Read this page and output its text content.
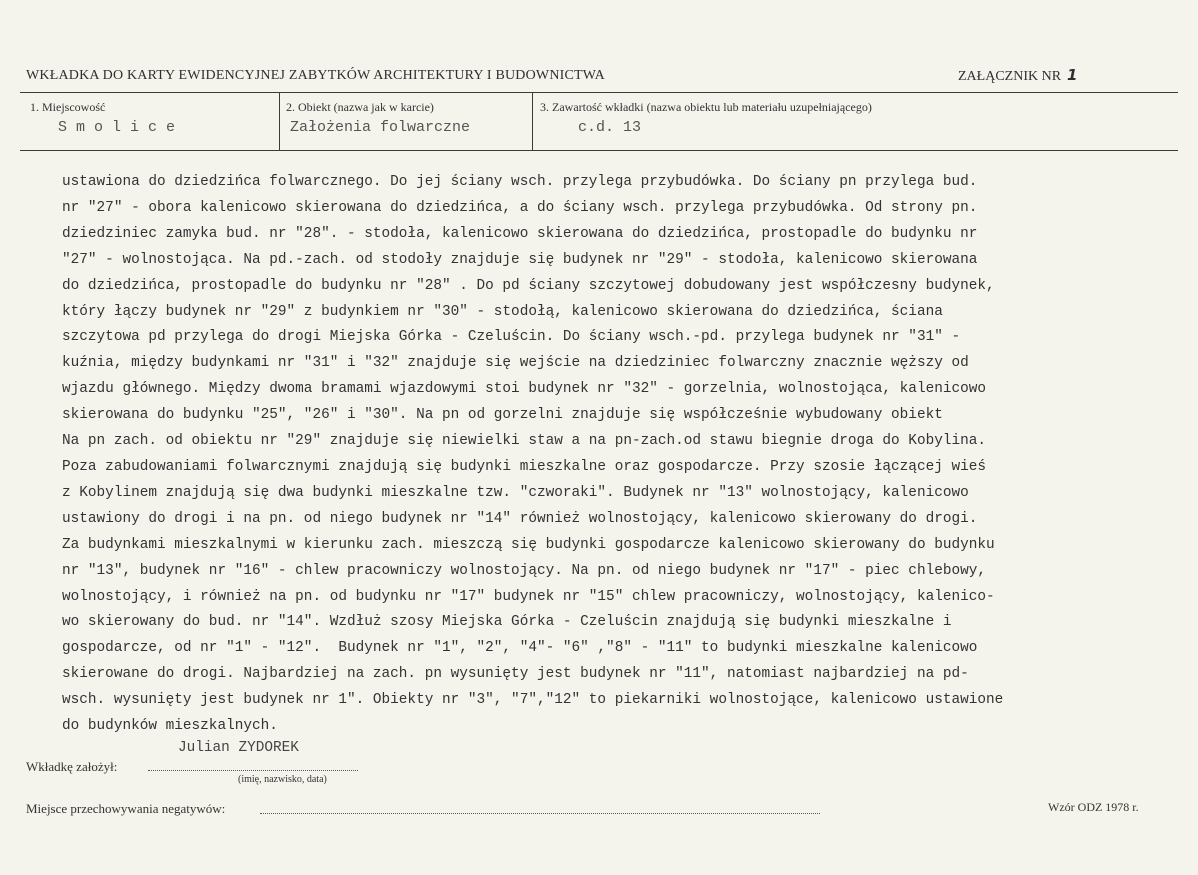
WKŁADKA DO KARTY EWIDENCYJNEJ ZABYTKÓW ARCHITEKTURY I BUDOWNICTWA	ZAŁĄCZNIK NR 1
1. Miejscowość
S m o l i c e
2. Obiekt (nazwa jak w karcie)
Założenia folwarczne
3. Zawartość wkładki (nazwa obiektu lub materiału uzupełniającego)
c.d. 13
ustawiona do dziedzińca folwarcznego. Do jej ściany wsch. przylega przybudówka. Do ściany pn przylega bud.
nr "27" - obora kalenicowo skierowana do dziedzińca, a do ściany wsch. przylega przybudówka. Od strony pn.
dziedziniec zamyka bud. nr "28". - stodoła, kalenicowo skierowana do dziedzińca, prostopadle do budynku nr
"27" - wolnostojąca. Na pd.-zach. od stodoły znajduje się budynek nr "29" - stodoła, kalenicowo skierowana
do dziedzińca, prostopadle do budynku nr "28" . Do pd ściany szczytowej dobudowany jest współczesny budynek,
który łączy budynek nr "29" z budynkiem nr "30" - stodołą, kalenicowo skierowana do dziedzińca, ściana
szczytowa pd przylega do drogi Miejska Górka - Czeluścin. Do ściany wsch.-pd. przylega budynek nr "31" -
kuźnia, między budynkami nr "31" i "32" znajduje się wejście na dziedziniec folwarczny znacznie węższy od
wjazdu głównego. Między dwoma bramami wjazdowymi stoi budynek nr "32" - gorzelnia, wolnostojąca, kalenicowo
skierowana do budynku "25", "26" i "30". Na pn od gorzelni znajduje się współcześnie wybudowany obiekt
Na pn zach. od obiektu nr "29" znajduje się niewielki staw a na pn-zach.od stawu biegnie droga do Kobylina.
Poza zabudowaniami folwarcznymi znajdują się budynki mieszkalne oraz gospodarcze. Przy szosie łączącej wieś
z Kobylinem znajdują się dwa budynki mieszkalne tzw. "czworaki". Budynek nr "13" wolnostojący, kalenicowo
ustawiony do drogi i na pn. od niego budynek nr "14" również wolnostojący, kalenicowo skierowany do drogi.
Za budynkami mieszkalnymi w kierunku zach. mieszczą się budynki gospodarcze kalenicowo skierowany do budynku
nr "13", budynek nr "16" - chlew pracowniczy wolnostojący. Na pn. od niego budynek nr "17" - piec chlebowy,
wolnostojący, i również na pn. od budynku nr "17" budynek nr "15" chlew pracowniczy, wolnostojący, kalenico-
wo skierowany do bud. nr "14". Wzdłuż szosy Miejska Górka - Czeluścin znajdują się budynki mieszkalne i
gospodarcze, od nr "1" - "12".  Budynek nr "1", "2", "4"- "6" ,"8" - "11" to budynki mieszkalne kalenicowo
skierowane do drogi. Najbardziej na zach. pn wysunięty jest budynek nr "11", natomiast najbardziej na pd-
wsch. wysunięty jest budynek nr 1". Obiekty nr "3", "7","12" to piekarniki wolnostojące, kalenicowo ustawione
do budynków mieszkalnych.
Wkładkę założył:
Julian ZYDOREK
(imię, nazwisko, data)
Miejsce przechowywania negatywów:	Wzór ODZ 1978 r.
